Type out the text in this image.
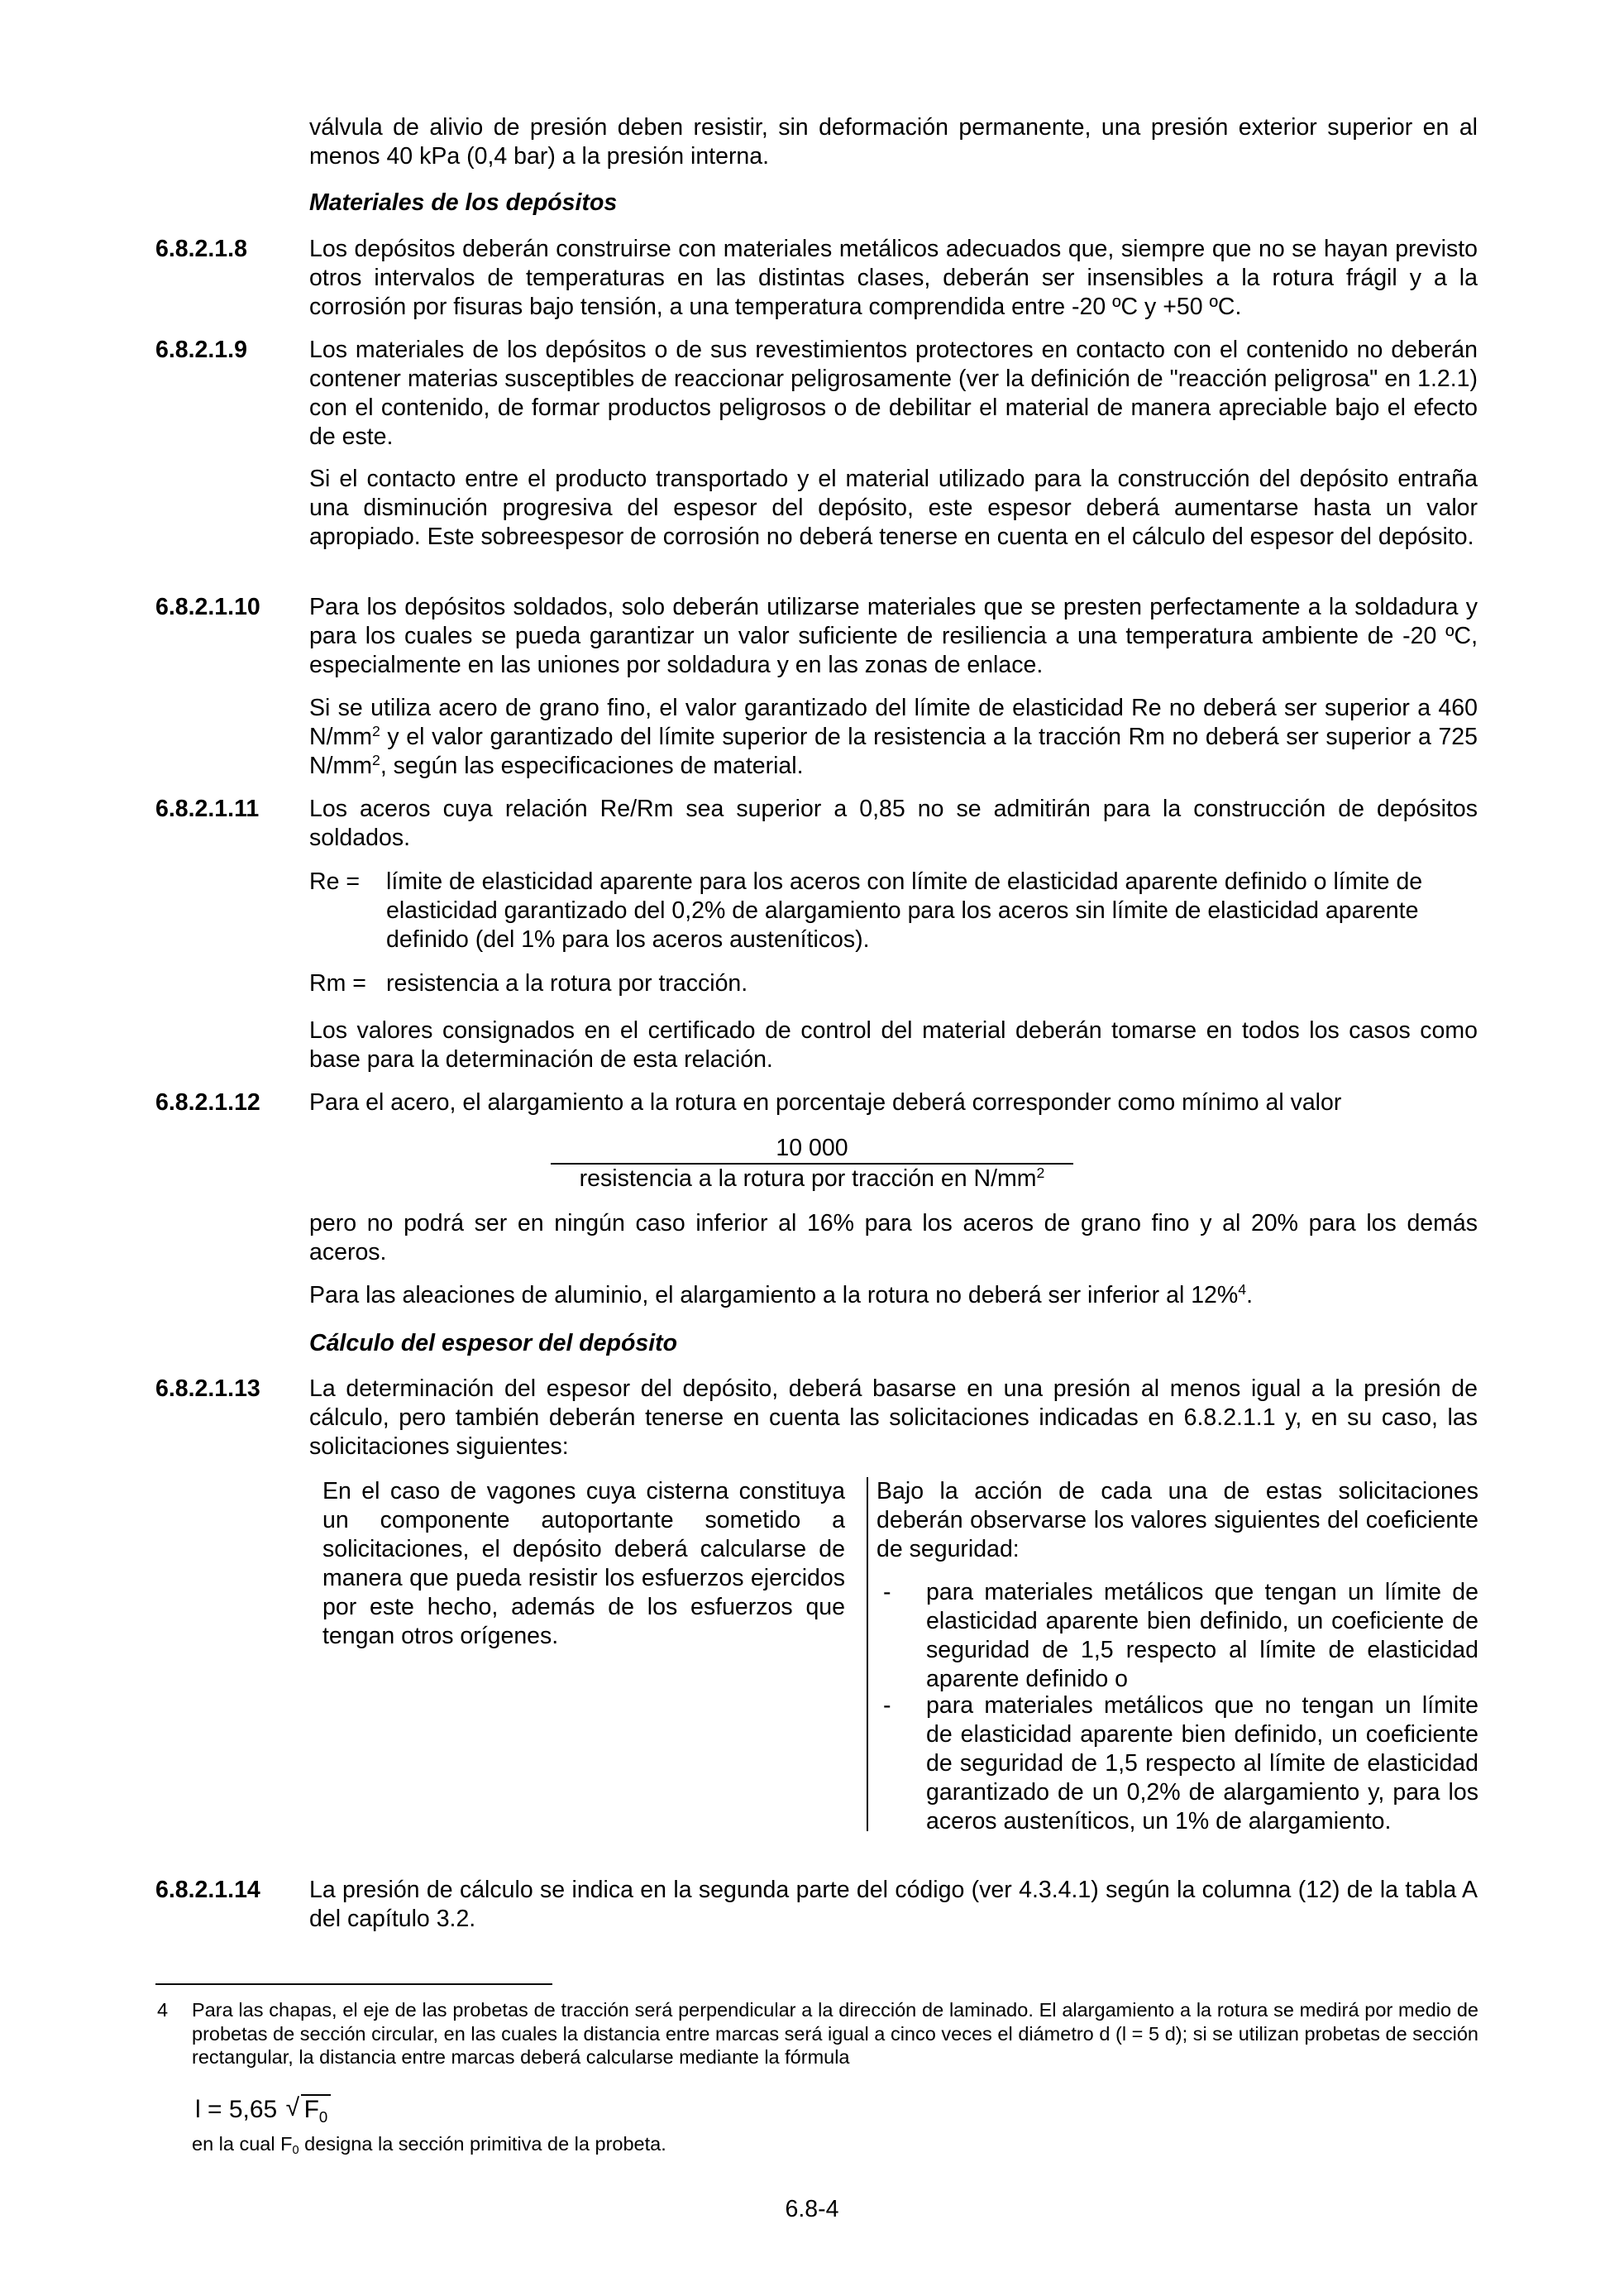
válvula de alivio de presión deben resistir, sin deformación permanente, una presión exterior superior en al menos 40 kPa (0,4 bar) a la presión interna.
Materiales de los depósitos
6.8.2.1.8	Los depósitos deberán construirse con materiales metálicos adecuados que, siempre que no se hayan previsto otros intervalos de temperaturas en las distintas clases, deberán ser insensibles a la rotura frágil y a la corrosión por fisuras bajo tensión, a una temperatura comprendida entre -20 ºC y +50 ºC.
6.8.2.1.9	Los materiales de los depósitos o de sus revestimientos protectores en contacto con el contenido no deberán contener materias susceptibles de reaccionar peligrosamente (ver la definición de "reacción peligrosa" en 1.2.1) con el contenido, de formar productos peligrosos o de debilitar el material de manera apreciable bajo el efecto de este.
Si el contacto entre el producto transportado y el material utilizado para la construcción del depósito entraña una disminución progresiva del espesor del depósito, este espesor deberá aumentarse hasta un valor apropiado. Este sobreespesor de corrosión no deberá tenerse en cuenta en el cálculo del espesor del depósito.
6.8.2.1.10 Para los depósitos soldados, solo deberán utilizarse materiales que se presten perfectamente a la soldadura y para los cuales se pueda garantizar un valor suficiente de resiliencia a una temperatura ambiente de -20 ºC, especialmente en las uniones por soldadura y en las zonas de enlace.
Si se utiliza acero de grano fino, el valor garantizado del límite de elasticidad Re no deberá ser superior a 460 $N/mm^2$ y el valor garantizado del límite superior de la resistencia a la tracción Rm no deberá ser superior a 725 $N/mm^2$, según las especificaciones de material.
6.8.2.1.11 Los aceros cuya relación Re/Rm sea superior a 0,85 no se admitirán para la construcción de depósitos soldados.
Re =	límite de elasticidad aparente para los aceros con límite de elasticidad aparente definido o límite de elasticidad garantizado del 0,2% de alargamiento para los aceros sin límite de elasticidad aparente definido (del 1% para los aceros austeníticos).
Rm = resistencia a la rotura por tracción.
Los valores consignados en el certificado de control del material deberán tomarse en todos los casos como base para la determinación de esta relación.
6.8.2.1.12 Para el acero, el alargamiento a la rotura en porcentaje deberá corresponder como mínimo al valor
10 000
resistencia a la rotura por tracción en $N/mm^2$
pero no podrá ser en ningún caso inferior al 16% para los aceros de grano fino y al 20% para los demás aceros.
Para las aleaciones de aluminio, el alargamiento a la rotura no deberá ser inferior al 12%$^4$.
Cálculo del espesor del depósito
6.8.2.1.13 La determinación del espesor del depósito, deberá basarse en una presión al menos igual a la presión de cálculo, pero también deberán tenerse en cuenta las solicitaciones indicadas en 6.8.2.1.1 y, en su caso, las solicitaciones siguientes:
En el caso de vagones cuya cisterna constituya un componente autoportante sometido a solicitaciones, el depósito deberá calcularse de manera que pueda resistir los esfuerzos ejercidos por este hecho, además de los esfuerzos que tengan otros orígenes.
Bajo la acción de cada una de estas solicitaciones deberán observarse los valores siguientes del coeficiente de seguridad:
- para materiales metálicos que tengan un límite de elasticidad aparente bien definido, un coeficiente de seguridad de 1,5 respecto al límite de elasticidad aparente definido o
- para materiales metálicos que no tengan un límite de elasticidad aparente bien definido, un coeficiente de seguridad de 1,5 respecto al límite de elasticidad garantizado de un 0,2% de alargamiento y, para los aceros austeníticos, un 1% de alargamiento.
6.8.2.1.14 La presión de cálculo se indica en la segunda parte del código (ver 4.3.4.1) según la columna (12) de la tabla A del capítulo 3.2.
4 Para las chapas, el eje de las probetas de tracción será perpendicular a la dirección de laminado. El alargamiento a la rotura se medirá por medio de probetas de sección circular, en las cuales la distancia entre marcas será igual a cinco veces el diámetro d (l = 5 d); si se utilizan probetas de sección rectangular, la distancia entre marcas deberá calcularse mediante la fórmula
l = 5,65 √ $F_0$
en la cual $F_0$ designa la sección primitiva de la probeta.
6.8-4
